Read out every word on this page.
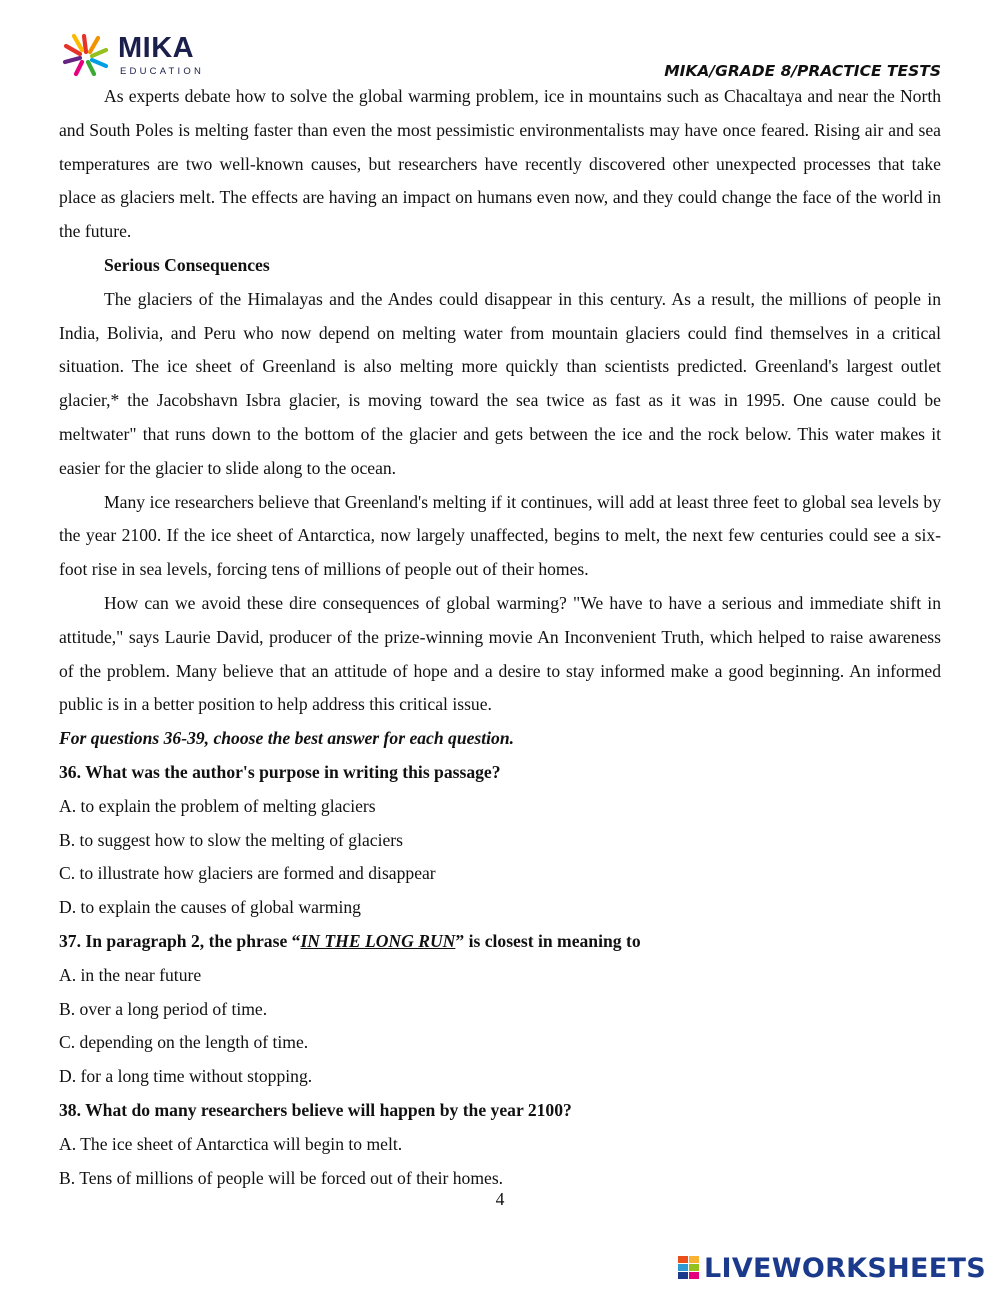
MIKA
EDUCATION	MIKA/GRADE 8/PRACTICE TESTS

As experts debate how to solve the global warming problem, ice in mountains such as Chacaltaya and near the North and South Poles is melting faster than even the most pessimistic environmentalists may have once feared. Rising air and sea temperatures are two well-known causes, but researchers have recently discovered other unexpected processes that take place as glaciers melt. The effects are having an impact on humans even now, and they could change the face of the world in the future.

Serious Consequences

The glaciers of the Himalayas and the Andes could disappear in this century. As a result, the millions of people in India, Bolivia, and Peru who now depend on melting water from mountain glaciers could find themselves in a critical situation. The ice sheet of Greenland is also melting more quickly than scientists predicted. Greenland's largest outlet glacier,* the Jacobshavn Isbra glacier, is moving toward the sea twice as fast as it was in 1995. One cause could be meltwater" that runs down to the bottom of the glacier and gets between the ice and the rock below. This water makes it easier for the glacier to slide along to the ocean.

Many ice researchers believe that Greenland's melting if it continues, will add at least three feet to global sea levels by the year 2100. If the ice sheet of Antarctica, now largely unaffected, begins to melt, the next few centuries could see a six-foot rise in sea levels, forcing tens of millions of people out of their homes.

How can we avoid these dire consequences of global warming? "We have to have a serious and immediate shift in attitude," says Laurie David, producer of the prize-winning movie An Inconvenient Truth, which helped to raise awareness of the problem. Many believe that an attitude of hope and a desire to stay informed make a good beginning. An informed public is in a better position to help address this critical issue.

For questions 36-39, choose the best answer for each question.

36. What was the author's purpose in writing this passage?

A. to explain the problem of melting glaciers

B. to suggest how to slow the melting of glaciers

C. to illustrate how glaciers are formed and disappear

D. to explain the causes of global warming

37. In paragraph 2, the phrase “IN THE LONG RUN” is closest in meaning to

A. in the near future

B. over a long period of time.

C. depending on the length of time.

D. for a long time without stopping.

38. What do many researchers believe will happen by the year 2100?

A. The ice sheet of Antarctica will begin to melt.

B. Tens of millions of people will be forced out of their homes.

4
LIVEWORKSHEETS
